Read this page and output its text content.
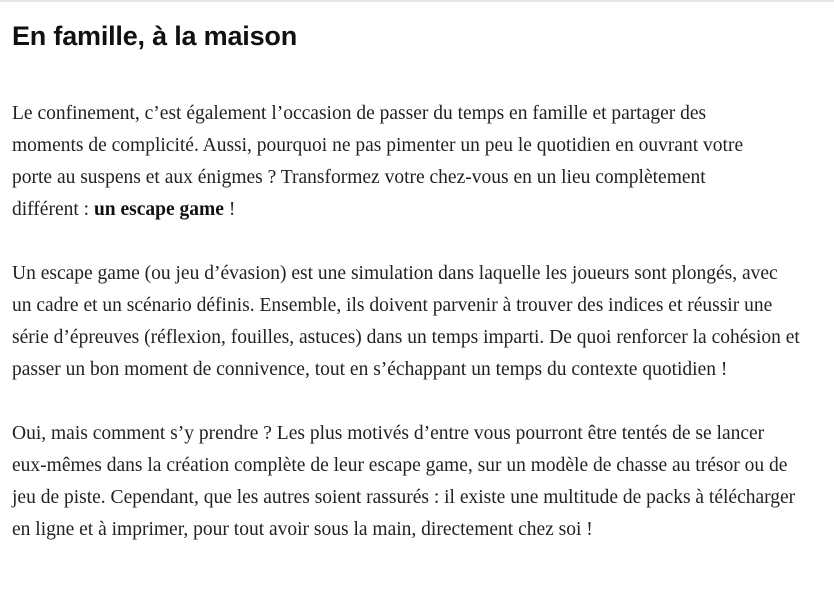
En famille, à la maison

Le confinement, c’est également l’occasion de passer du temps en famille et partager des moments de complicité. Aussi, pourquoi ne pas pimenter un peu le quotidien en ouvrant votre porte au suspens et aux énigmes ? Transformez votre chez-vous en un lieu complètement différent : un escape game !

Un escape game (ou jeu d’évasion) est une simulation dans laquelle les joueurs sont plongés, avec un cadre et un scénario définis. Ensemble, ils doivent parvenir à trouver des indices et réussir une série d’épreuves (réflexion, fouilles, astuces) dans un temps imparti. De quoi renforcer la cohésion et passer un bon moment de connivence, tout en s’échappant un temps du contexte quotidien !

Oui, mais comment s’y prendre ? Les plus motivés d’entre vous pourront être tentés de se lancer eux-mêmes dans la création complète de leur escape game, sur un modèle de chasse au trésor ou de jeu de piste. Cependant, que les autres soient rassurés : il existe une multitude de packs à télécharger en ligne et à imprimer, pour tout avoir sous la main, directement chez soi !
